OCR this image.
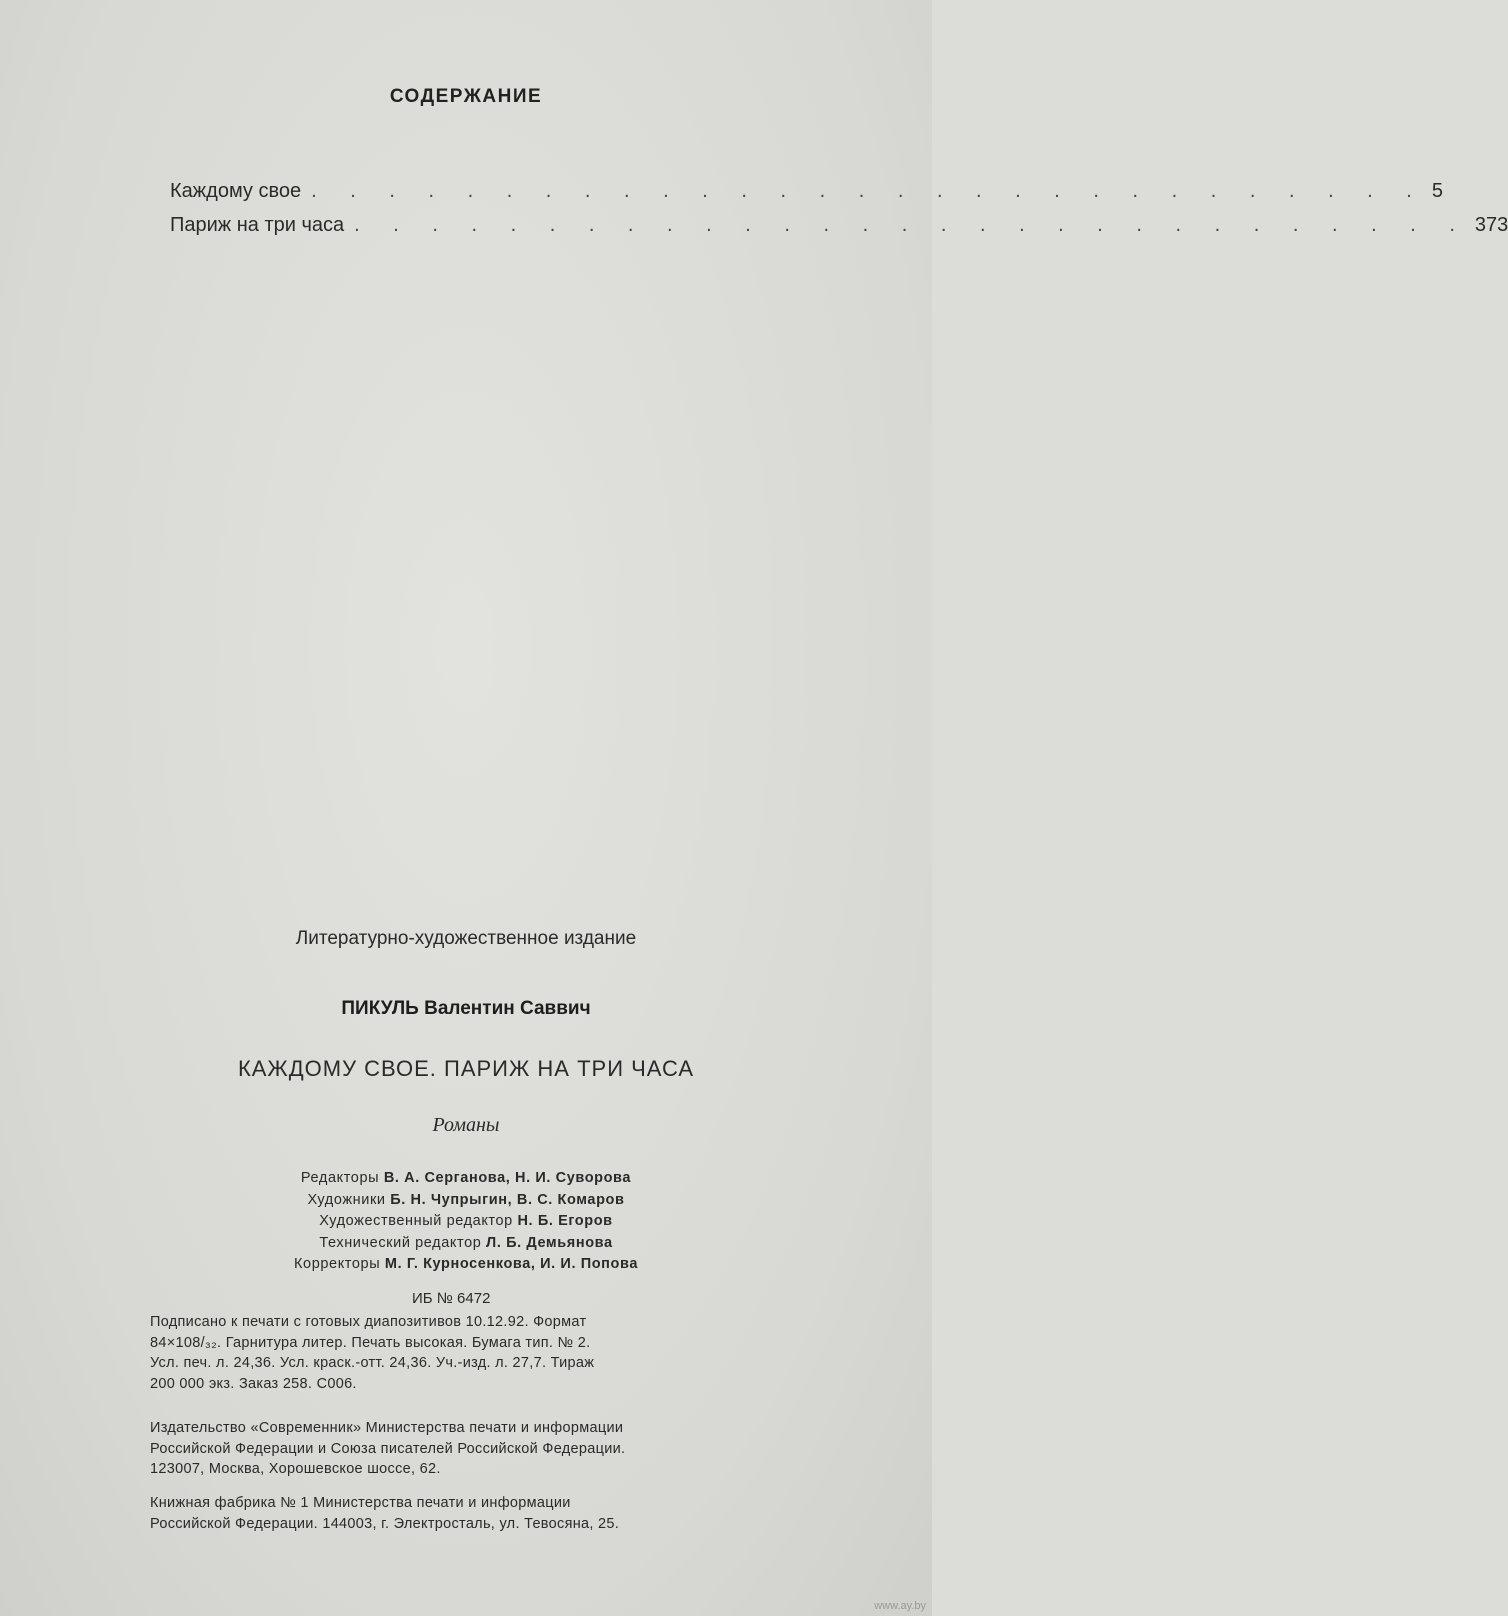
СОДЕРЖАНИЕ
Каждому свое . . . . . . . . . . . . . . . . . . . . . . . . . . . . . 5
Париж на три часа . . . . . . . . . . . . . . . . . . . . . . . . . . . . . 373
Литературно-художественное издание
ПИКУЛЬ Валентин Саввич
КАЖДОМУ СВОЕ. ПАРИЖ НА ТРИ ЧАСА
Романы
Редакторы В. А. Серганова, Н. И. Суворова
Художники Б. Н. Чупрыгин, В. С. Комаров
Художественный редактор Н. Б. Егоров
Технический редактор Л. Б. Демьянова
Корректоры М. Г. Курносенкова, И. И. Попова
ИБ № 6472
Подписано к печати с готовых диапозитивов 10.12.92. Формат
84×108/₃₂. Гарнитура литер. Печать высокая. Бумага тип. № 2.
Усл. печ. л. 24,36. Усл. краск.-отт. 24,36. Уч.-изд. л. 27,7. Тираж
200 000 экз. Заказ 258. С006.
Издательство «Современник» Министерства печати и информации
Российской Федерации и Союза писателей Российской Федерации.
123007, Москва, Хорошевское шоссе, 62.
Книжная фабрика № 1 Министерства печати и информации
Российской Федерации. 144003, г. Электросталь, ул. Тевосяна, 25.
www.ay.by
